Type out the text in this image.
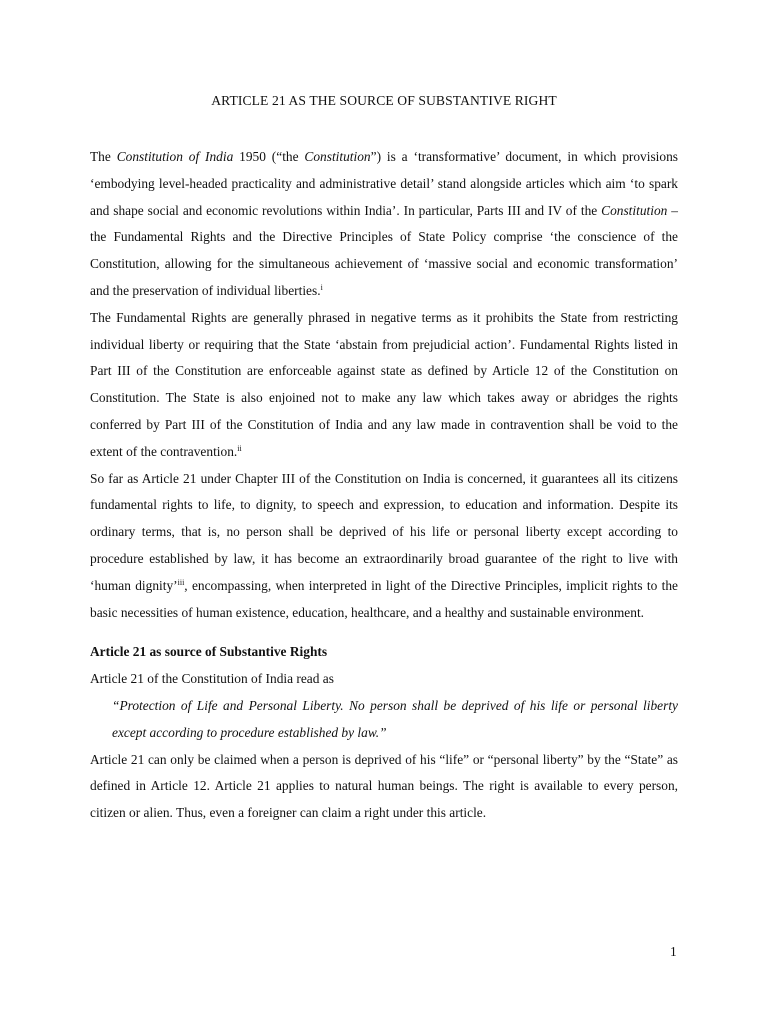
ARTICLE 21 AS THE SOURCE OF SUBSTANTIVE RIGHT

The Constitution of India 1950 (“the Constitution”) is a ‘transformative’ document, in which provisions ‘embodying level-headed practicality and administrative detail’ stand alongside articles which aim ‘to spark and shape social and economic revolutions within India’. In particular, Parts III and IV of the Constitution – the Fundamental Rights and the Directive Principles of State Policy comprise ‘the conscience of the Constitution, allowing for the simultaneous achievement of ‘massive social and economic transformation’ and the preservation of individual liberties.$^i$

The Fundamental Rights are generally phrased in negative terms as it prohibits the State from restricting individual liberty or requiring that the State ‘abstain from prejudicial action’. Fundamental Rights listed in Part III of the Constitution are enforceable against state as defined by Article 12 of the Constitution on Constitution. The State is also enjoined not to make any law which takes away or abridges the rights conferred by Part III of the Constitution of India and any law made in contravention shall be void to the extent of the contravention.$^{ii}$

So far as Article 21 under Chapter III of the Constitution on India is concerned, it guarantees all its citizens fundamental rights to life, to dignity, to speech and expression, to education and information. Despite its ordinary terms, that is, no person shall be deprived of his life or personal liberty except according to procedure established by law, it has become an extraordinarily broad guarantee of the right to live with ‘human dignity’$^{iii}$, encompassing, when interpreted in light of the Directive Principles, implicit rights to the basic necessities of human existence, education, healthcare, and a healthy and sustainable environment.

Article 21 as source of Substantive Rights

Article 21 of the Constitution of India read as

“Protection of Life and Personal Liberty. No person shall be deprived of his life or personal liberty except according to procedure established by law.”

Article 21 can only be claimed when a person is deprived of his “life” or “personal liberty” by the “State” as defined in Article 12. Article 21 applies to natural human beings. The right is available to every person, citizen or alien. Thus, even a foreigner can claim a right under this article.

1
